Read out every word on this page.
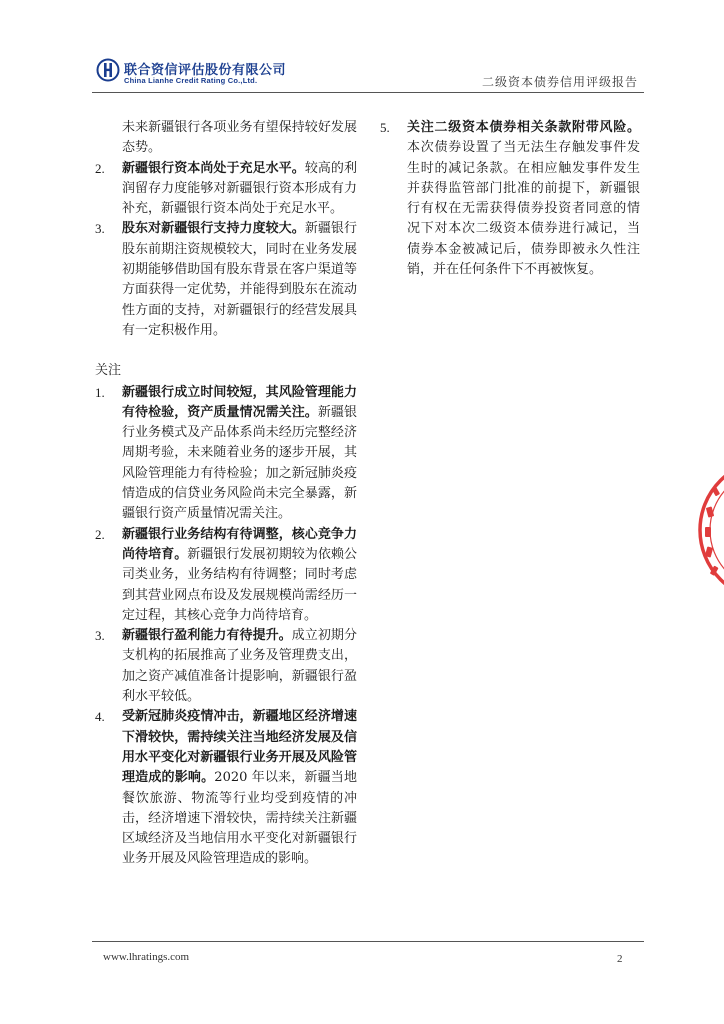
联合资信评估股份有限公司
China Lianhe Credit Rating Co.,Ltd.	二级资本债券信用评级报告
未来新疆银行各项业务有望保持较好发展态势。
2. 新疆银行资本尚处于充足水平。较高的利润留存力度能够对新疆银行资本形成有力补充，新疆银行资本尚处于充足水平。
3. 股东对新疆银行支持力度较大。新疆银行股东前期注资规模较大，同时在业务发展初期能够借助国有股东背景在客户渠道等方面获得一定优势，并能得到股东在流动性方面的支持，对新疆银行的经营发展具有一定积极作用。
关注
1. 新疆银行成立时间较短，其风险管理能力有待检验，资产质量情况需关注。新疆银行业务模式及产品体系尚未经历完整经济周期考验，未来随着业务的逐步开展，其风险管理能力有待检验；加之新冠肺炎疫情造成的信贷业务风险尚未完全暴露，新疆银行资产质量情况需关注。
2. 新疆银行业务结构有待调整，核心竞争力尚待培育。新疆银行发展初期较为依赖公司类业务，业务结构有待调整；同时考虑到其营业网点布设及发展规模尚需经历一定过程，其核心竞争力尚待培育。
3. 新疆银行盈利能力有待提升。成立初期分支机构的拓展推高了业务及管理费支出，加之资产减值准备计提影响，新疆银行盈利水平较低。
4. 受新冠肺炎疫情冲击，新疆地区经济增速下滑较快，需持续关注当地经济发展及信用水平变化对新疆银行业务开展及风险管理造成的影响。2020 年以来，新疆当地餐饮旅游、物流等行业均受到疫情的冲击，经济增速下滑较快，需持续关注新疆区域经济及当地信用水平变化对新疆银行业务开展及风险管理造成的影响。
5. 关注二级资本债券相关条款附带风险。本次债券设置了当无法生存触发事件发生时的减记条款。在相应触发事件发生并获得监管部门批准的前提下，新疆银行有权在无需获得债券投资者同意的情况下对本次二级资本债券进行减记，当债券本金被减记后，债券即被永久性注销，并在任何条件下不再被恢复。
www.lhratings.com	2
